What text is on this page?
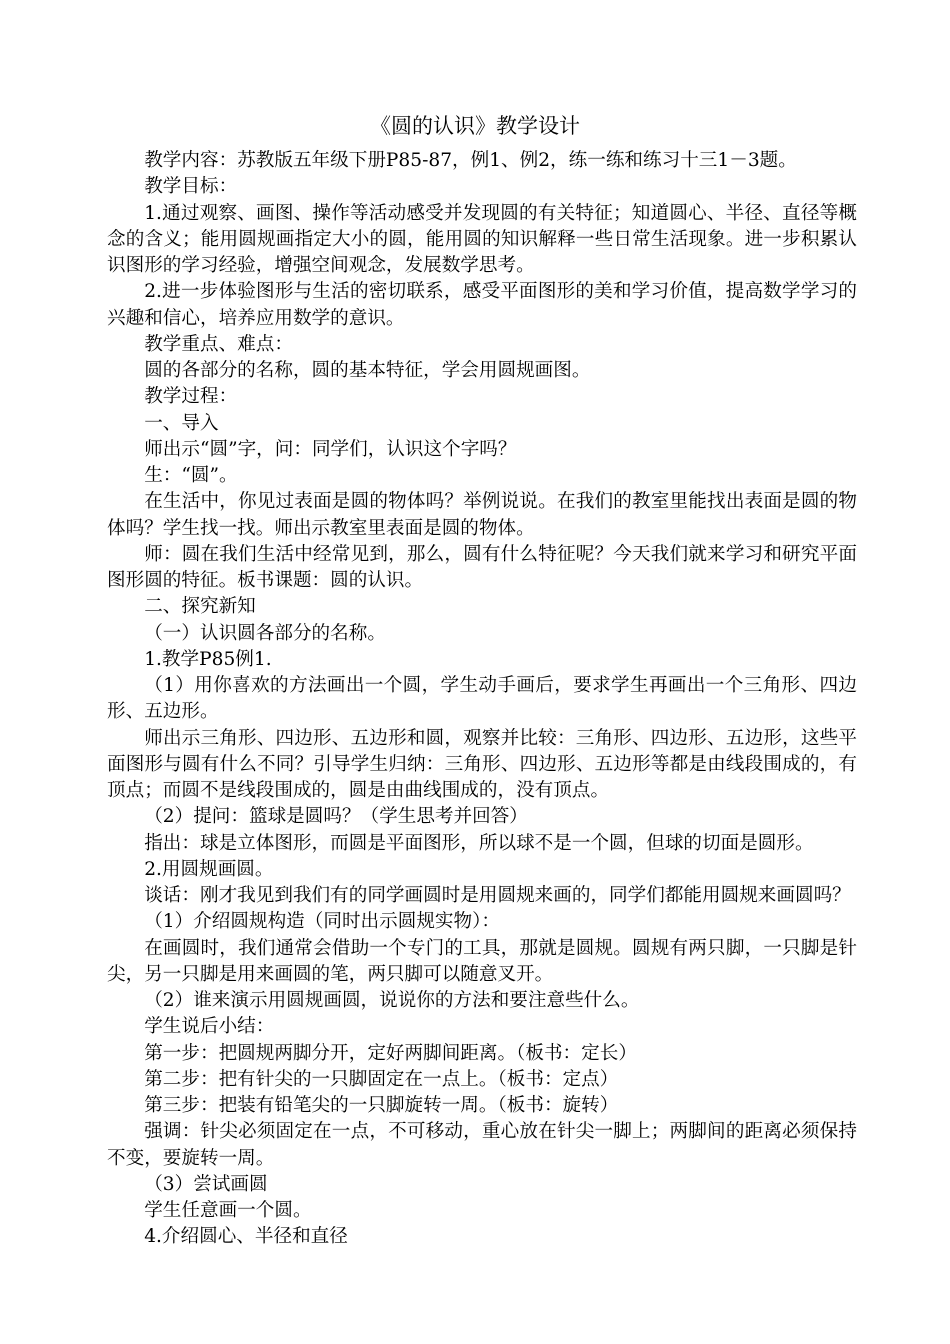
《圆的认识》教学设计

教学内容：苏教版五年级下册P85-87，例1、例2，练一练和练习十三1－3题。

教学目标：

1.通过观察、画图、操作等活动感受并发现圆的有关特征；知道圆心、半径、直径等概念的含义；能用圆规画指定大小的圆，能用圆的知识解释一些日常生活现象。进一步积累认识图形的学习经验，增强空间观念，发展数学思考。

2.进一步体验图形与生活的密切联系，感受平面图形的美和学习价值，提高数学学习的兴趣和信心，培养应用数学的意识。

教学重点、难点：

圆的各部分的名称，圆的基本特征，学会用圆规画图。

教学过程：

一、导入

师出示“圆”字，问：同学们，认识这个字吗？

生：“圆”。

在生活中，你见过表面是圆的物体吗？举例说说。在我们的教室里能找出表面是圆的物体吗？学生找一找。师出示教室里表面是圆的物体。

师：圆在我们生活中经常见到，那么，圆有什么特征呢？今天我们就来学习和研究平面图形圆的特征。板书课题：圆的认识。

二、探究新知

（一）认识圆各部分的名称。

1.教学P85例1.

（1）用你喜欢的方法画出一个圆，学生动手画后，要求学生再画出一个三角形、四边形、五边形。

师出示三角形、四边形、五边形和圆，观察并比较：三角形、四边形、五边形，这些平面图形与圆有什么不同？引导学生归纳：三角形、四边形、五边形等都是由线段围成的，有顶点；而圆不是线段围成的，圆是由曲线围成的，没有顶点。

（2）提问：篮球是圆吗？（学生思考并回答）

指出：球是立体图形，而圆是平面图形，所以球不是一个圆，但球的切面是圆形。

2.用圆规画圆。

谈话：刚才我见到我们有的同学画圆时是用圆规来画的，同学们都能用圆规来画圆吗？

（1）介绍圆规构造（同时出示圆规实物）：

在画圆时，我们通常会借助一个专门的工具，那就是圆规。圆规有两只脚，一只脚是针尖，另一只脚是用来画圆的笔，两只脚可以随意叉开。

（2）谁来演示用圆规画圆，说说你的方法和要注意些什么。

学生说后小结：

第一步：把圆规两脚分开，定好两脚间距离。（板书：定长）

第二步：把有针尖的一只脚固定在一点上。（板书：定点）

第三步：把装有铅笔尖的一只脚旋转一周。（板书：旋转）

强调：针尖必须固定在一点，不可移动，重心放在针尖一脚上；两脚间的距离必须保持不变，要旋转一周。

（3）尝试画圆

学生任意画一个圆。

4.介绍圆心、半径和直径
